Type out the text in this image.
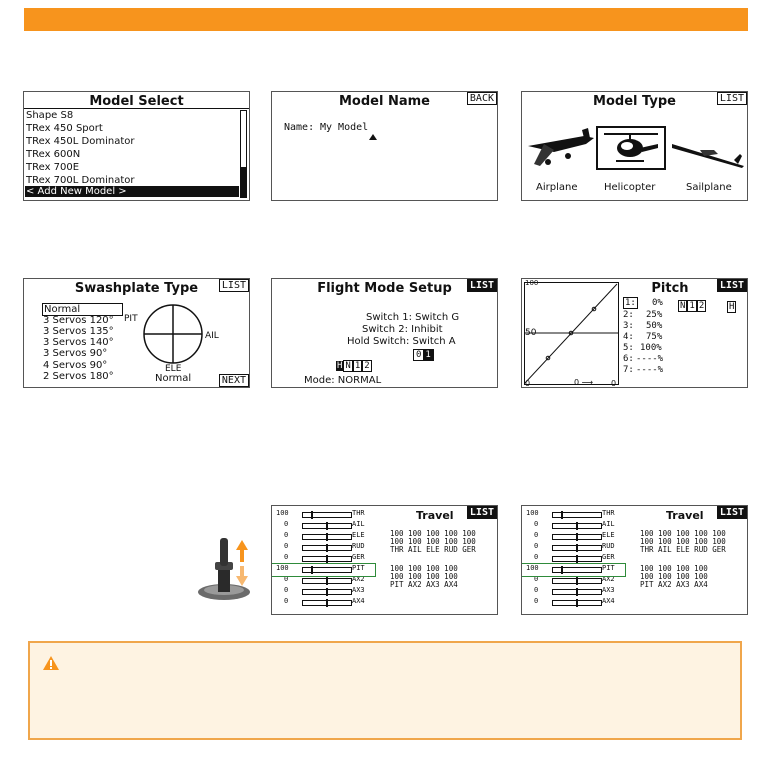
Model Select
Shape S8
TRex 450 Sport
TRex 450L Dominator
TRex 600N
TRex 700E
TRex 700L Dominator
< Add New Model >
Model Name	BACK
Name: My Model
Model Type	LIST
Airplane	Helicopter	Sailplane
Swashplate Type	LIST
Normal
3 Servos 120°
3 Servos 135°
3 Servos 140°
3 Servos 90°
4 Servos 90°
2 Servos 180°
PIT
AIL
ELE
Normal	NEXT
Flight Mode Setup	LIST
Switch 1: Switch G
Switch 2: Inhibit
Hold Switch: Switch A
0 1
H N 1 2
Mode: NORMAL
Pitch	LIST
100
50
0	0 ⟶ 0
1: 0%
2: 25%
3: 50%
4: 75%
5: 100%
6: ----%
7: ----%
N 1 2	H
Travel	LIST
100	THR
0	AIL
0	ELE
0	RUD
0	GER
100	PIT
0	AX2
0	AX3
0	AX4
100 100 100 100 100
100 100 100 100 100
THR AIL ELE RUD GER
100 100 100 100
100 100 100 100
PIT AX2 AX3 AX4
Travel	LIST
100	THR
0	AIL
0	ELE
0	RUD
0	GER
100	PIT
0	AX2
0	AX3
0	AX4
100 100 100 100 100
100 100 100 100 100
THR AIL ELE RUD GER
100 100 100 100
100 100 100 100
PIT AX2 AX3 AX4
